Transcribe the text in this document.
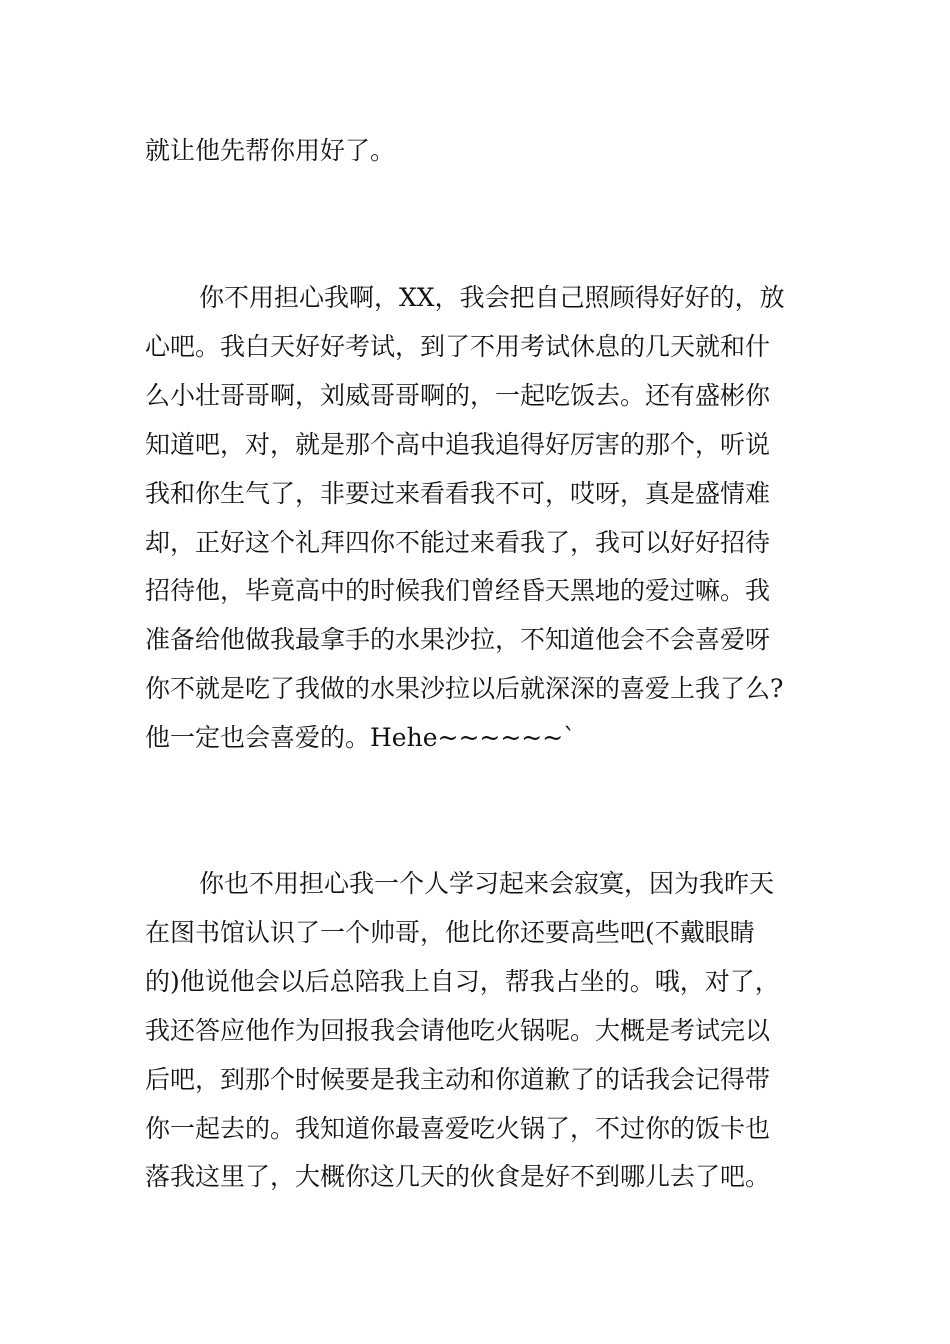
就让他先帮你用好了。
你不用担心我啊，XX，我会把自己照顾得好好的，放
心吧。我白天好好考试，到了不用考试休息的几天就和什
么小壮哥哥啊，刘威哥哥啊的，一起吃饭去。还有盛彬你
知道吧，对，就是那个高中追我追得好厉害的那个，听说
我和你生气了，非要过来看看我不可，哎呀，真是盛情难
却，正好这个礼拜四你不能过来看我了，我可以好好招待
招待他，毕竟高中的时候我们曾经昏天黑地的爱过嘛。我
准备给他做我最拿手的水果沙拉，不知道他会不会喜爱呀
你不就是吃了我做的水果沙拉以后就深深的喜爱上我了么?
他一定也会喜爱的。Hehe~~~~~~`
你也不用担心我一个人学习起来会寂寞，因为我昨天
在图书馆认识了一个帅哥，他比你还要高些吧(不戴眼睛
的)他说他会以后总陪我上自习，帮我占坐的。哦，对了，
我还答应他作为回报我会请他吃火锅呢。大概是考试完以
后吧，到那个时候要是我主动和你道歉了的话我会记得带
你一起去的。我知道你最喜爱吃火锅了，不过你的饭卡也
落我这里了，大概你这几天的伙食是好不到哪儿去了吧。
